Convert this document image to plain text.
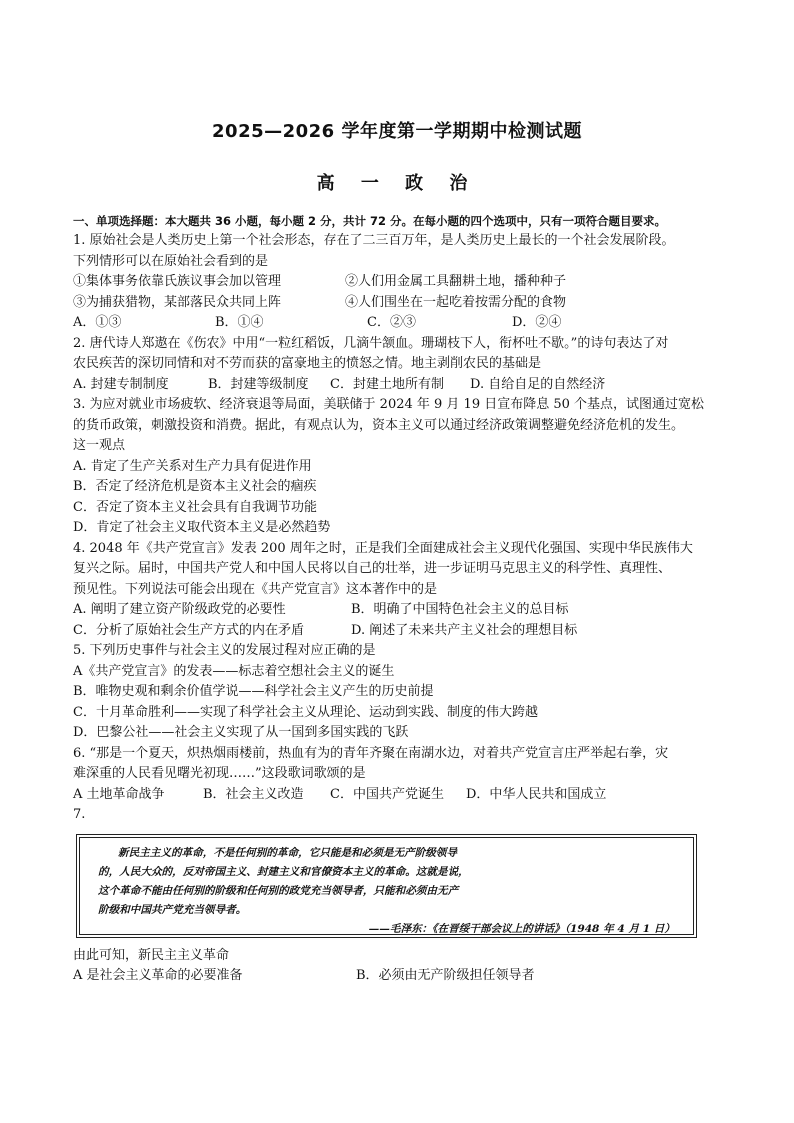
2025—2026 学年度第一学期期中检测试题
高 一 政 治
一、单项选择题：本大题共 36 小题，每小题 2 分，共计 72 分。在每小题的四个选项中，只有一项符合题目要求。
1. 原始社会是人类历史上第一个社会形态，存在了二三百万年，是人类历史上最长的一个社会发展阶段。
下列情形可以在原始社会看到的是
①集体事务依靠氏族议事会加以管理	②人们用金属工具翻耕土地，播种种子
③为捕获猎物，某部落民众共同上阵	④人们围坐在一起吃着按需分配的食物
A．①③	B．①④	C．②③	D．②④
2. 唐代诗人郑遨在《伤农》中用“一粒红稻饭，几滴牛颔血。珊瑚枝下人，衔杯吐不歇。”的诗句表达了对
农民疾苦的深切同情和对不劳而获的富豪地主的愤怒之情。地主剥削农民的基础是
A. 封建专制制度	B．封建等级制度	C．封建土地所有制	D. 自给自足的自然经济
3. 为应对就业市场疲软、经济衰退等局面，美联储于 2024 年 9 月 19 日宣布降息 50 个基点，试图通过宽松
的货币政策，刺激投资和消费。据此，有观点认为，资本主义可以通过经济政策调整避免经济危机的发生。
这一观点
A. 肯定了生产关系对生产力具有促进作用
B．否定了经济危机是资本主义社会的痼疾
C．否定了资本主义社会具有自我调节功能
D．肯定了社会主义取代资本主义是必然趋势
4. 2048 年《共产党宣言》发表 200 周年之时，正是我们全面建成社会主义现代化强国、实现中华民族伟大
复兴之际。届时，中国共产党人和中国人民将以自己的壮举，进一步证明马克思主义的科学性、真理性、
预见性。下列说法可能会出现在《共产党宣言》这本著作中的是
A. 阐明了建立资产阶级政党的必要性	B．明确了中国特色社会主义的总目标
C．分析了原始社会生产方式的内在矛盾	D. 阐述了未来共产主义社会的理想目标
5. 下列历史事件与社会主义的发展过程对应正确的是
A《共产党宣言》的发表——标志着空想社会主义的诞生
B．唯物史观和剩余价值学说——科学社会主义产生的历史前提
C．十月革命胜利——实现了科学社会主义从理论、运动到实践、制度的伟大跨越
D．巴黎公社——社会主义实现了从一国到多国实践的飞跃
6. “那是一个夏天，炽热烟雨楼前，热血有为的青年齐聚在南湖水边，对着共产党宣言庄严举起右拳，灾
难深重的人民看见曙光初现……”这段歌词歌颂的是
A 土地革命战争	B．社会主义改造	C．中国共产党诞生	D．中华人民共和国成立
7.
新民主主义的革命，不是任何别的革命，它只能是和必须是无产阶级领导
的，人民大众的，反对帝国主义、封建主义和官僚资本主义的革命。这就是说，
这个革命不能由任何别的阶级和任何别的政党充当领导者，只能和必须由无产
阶级和中国共产党充当领导者。
——毛泽东：《在晋绥干部会议上的讲话》（1948 年 4 月 1 日）
由此可知，新民主主义革命
A 是社会主义革命的必要准备	B．必须由无产阶级担任领导者
